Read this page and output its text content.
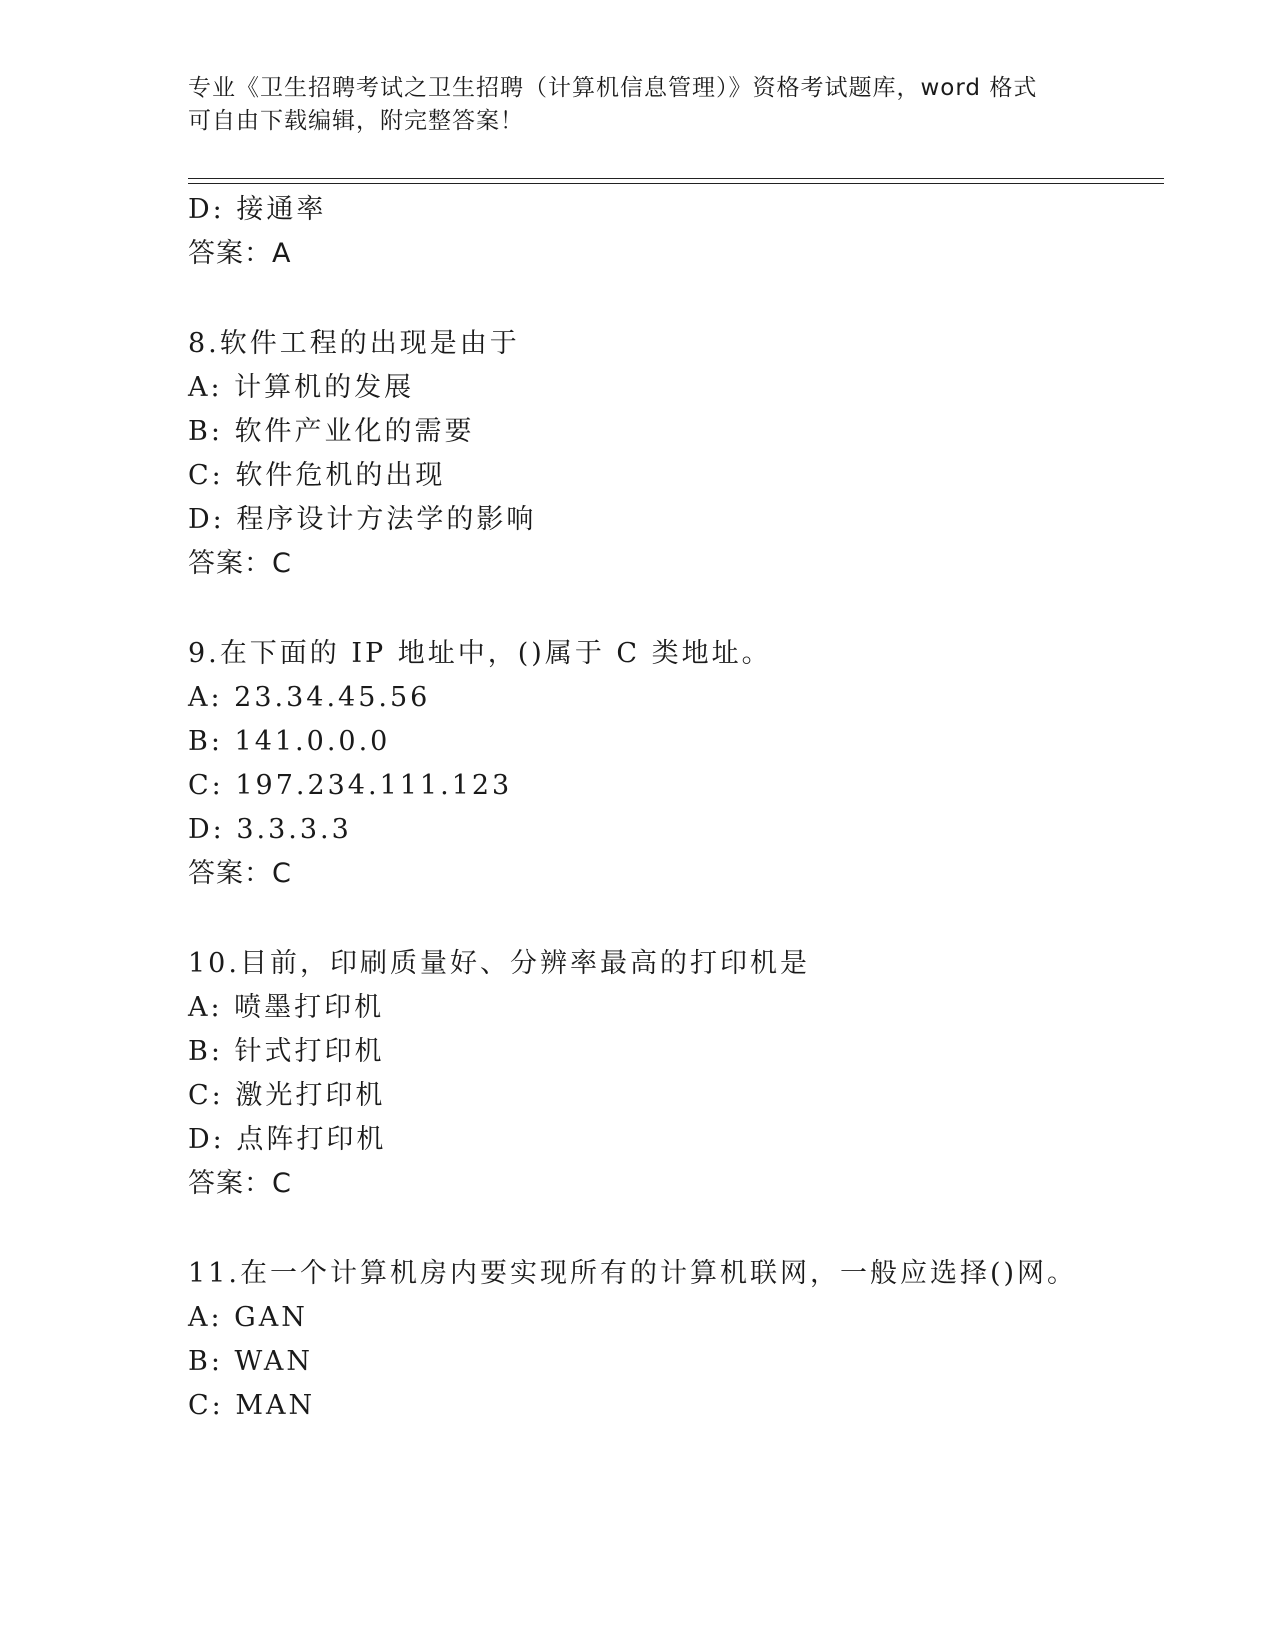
专业《卫生招聘考试之卫生招聘（计算机信息管理）》资格考试题库，word 格式
可自由下载编辑，附完整答案！
D: 接通率
答案：A
8.软件工程的出现是由于
A: 计算机的发展
B: 软件产业化的需要
C: 软件危机的出现
D: 程序设计方法学的影响
答案：C
9.在下面的 IP 地址中，()属于 C 类地址。
A: 23.34.45.56
B: 141.0.0.0
C: 197.234.111.123
D: 3.3.3.3
答案：C
10.目前，印刷质量好、分辨率最高的打印机是
A: 喷墨打印机
B: 针式打印机
C: 激光打印机
D: 点阵打印机
答案：C
11.在一个计算机房内要实现所有的计算机联网，一般应选择()网。
A: GAN
B: WAN
C: MAN
